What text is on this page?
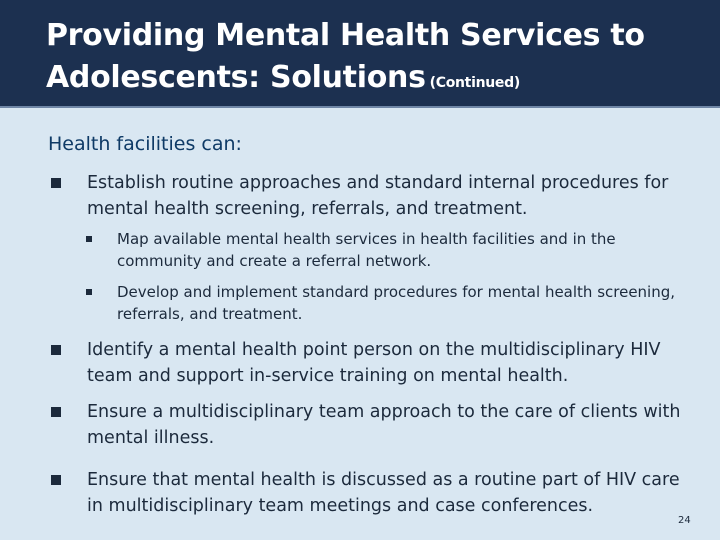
Providing Mental Health Services to
Adolescents: Solutions (Continued)
Health facilities can:
Establish routine approaches and standard internal procedures for mental health screening, referrals, and treatment.
Map available mental health services in health facilities and in the community and create a referral network.
Develop and implement standard procedures for mental health screening, referrals, and treatment.
Identify a mental health point person on the multidisciplinary HIV team and support in-service training on mental health.
Ensure a multidisciplinary team approach to the care of clients with mental illness.
Ensure that mental health is discussed as a routine part of HIV care in multidisciplinary team meetings and case conferences.
24
